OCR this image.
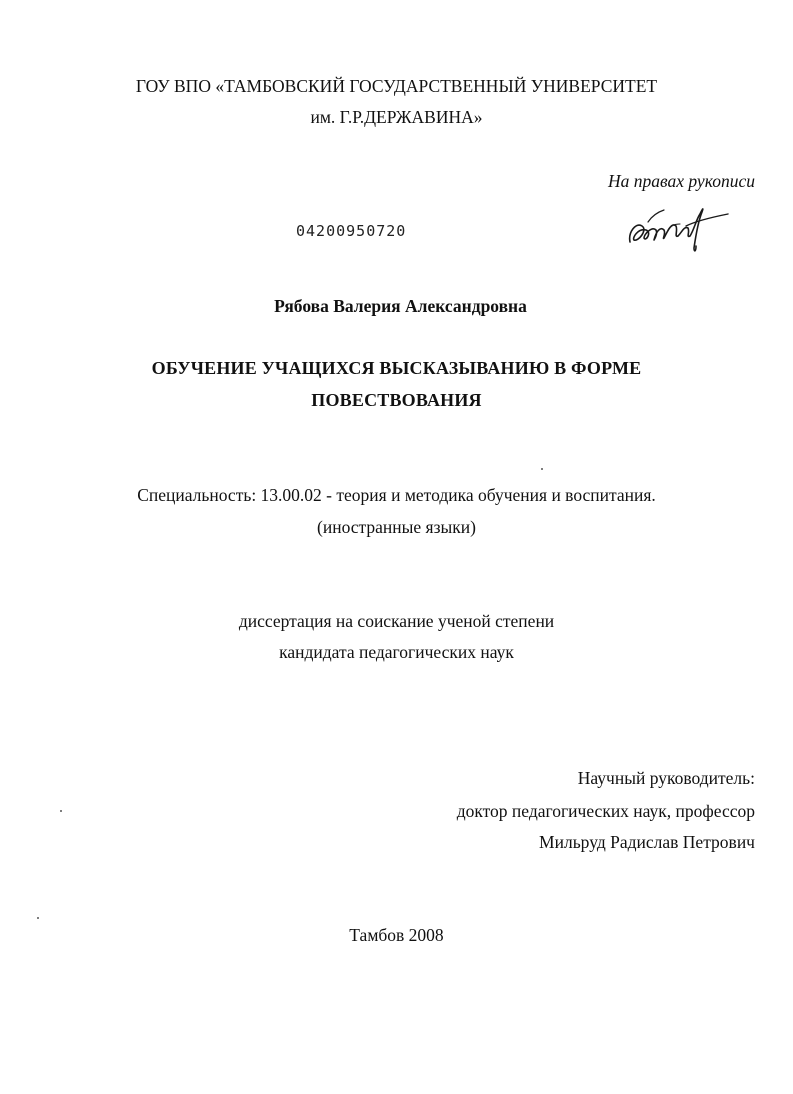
ГОУ ВПО «ТАМБОВСКИЙ ГОСУДАРСТВЕННЫЙ УНИВЕРСИТЕТ
им. Г.Р.ДЕРЖАВИНА»
На правах рукописи
04200950720
Рябова Валерия Александровна
ОБУЧЕНИЕ УЧАЩИХСЯ ВЫСКАЗЫВАНИЮ В ФОРМЕ
ПОВЕСТВОВАНИЯ
Специальность: 13.00.02 - теория и методика обучения и воспитания.
(иностранные языки)
диссертация на соискание ученой степени
кандидата педагогических наук
Научный руководитель:
доктор педагогических наук, профессор
Мильруд Радислав Петрович
Тамбов 2008
